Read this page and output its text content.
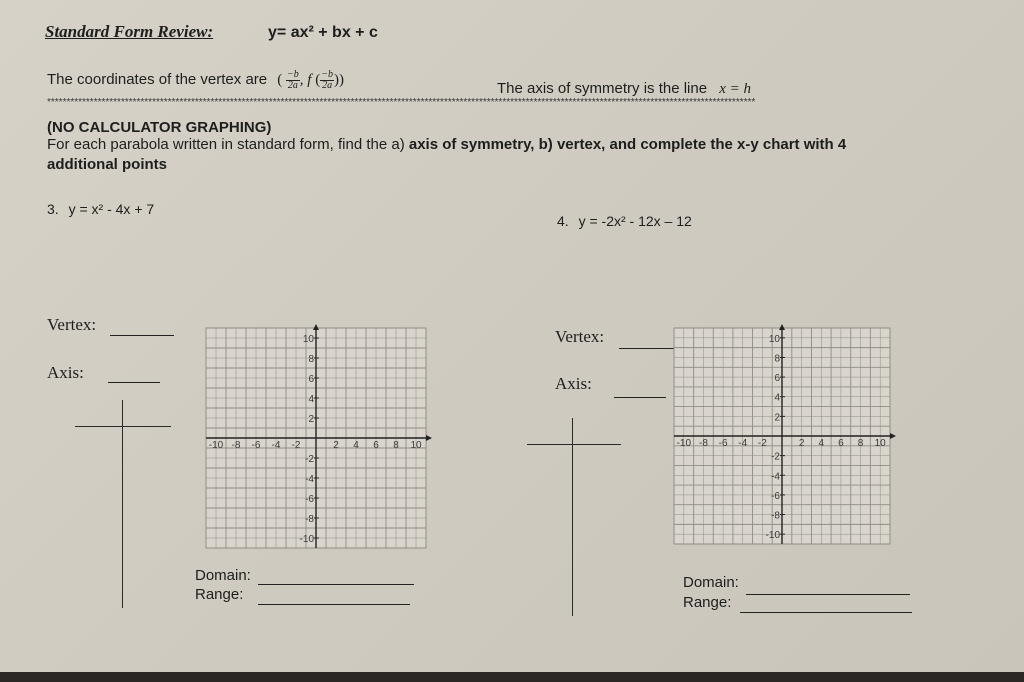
Standard Form Review:	y= ax² + bx + c
The coordinates of the vertex are ( $\frac{-b}{2a}$ , f ( $\frac{-b}{2a}$ ))
The axis of symmetry is the line x = h
**************************************************************************************************************************************************************************************
(NO CALCULATOR GRAPHING)
For each parabola written in standard form, find the a) axis of symmetry, b) vertex, and complete the x-y chart with 4
additional points
3. y = x² - 4x + 7
4. y = -2x² - 12x – 12
Vertex:
Axis:
Vertex:
Axis:
-10 -8 -6 -4 -2	2 4 6 8 10
10
8
6
4
2
-2
-4
-6
-8
-10
-10 -8 -6 -4 -2	2 4 6 8 10
10
8
6
4
2
-2
-4
-6
-8
-10
Domain:
Range:
Domain:
Range:
